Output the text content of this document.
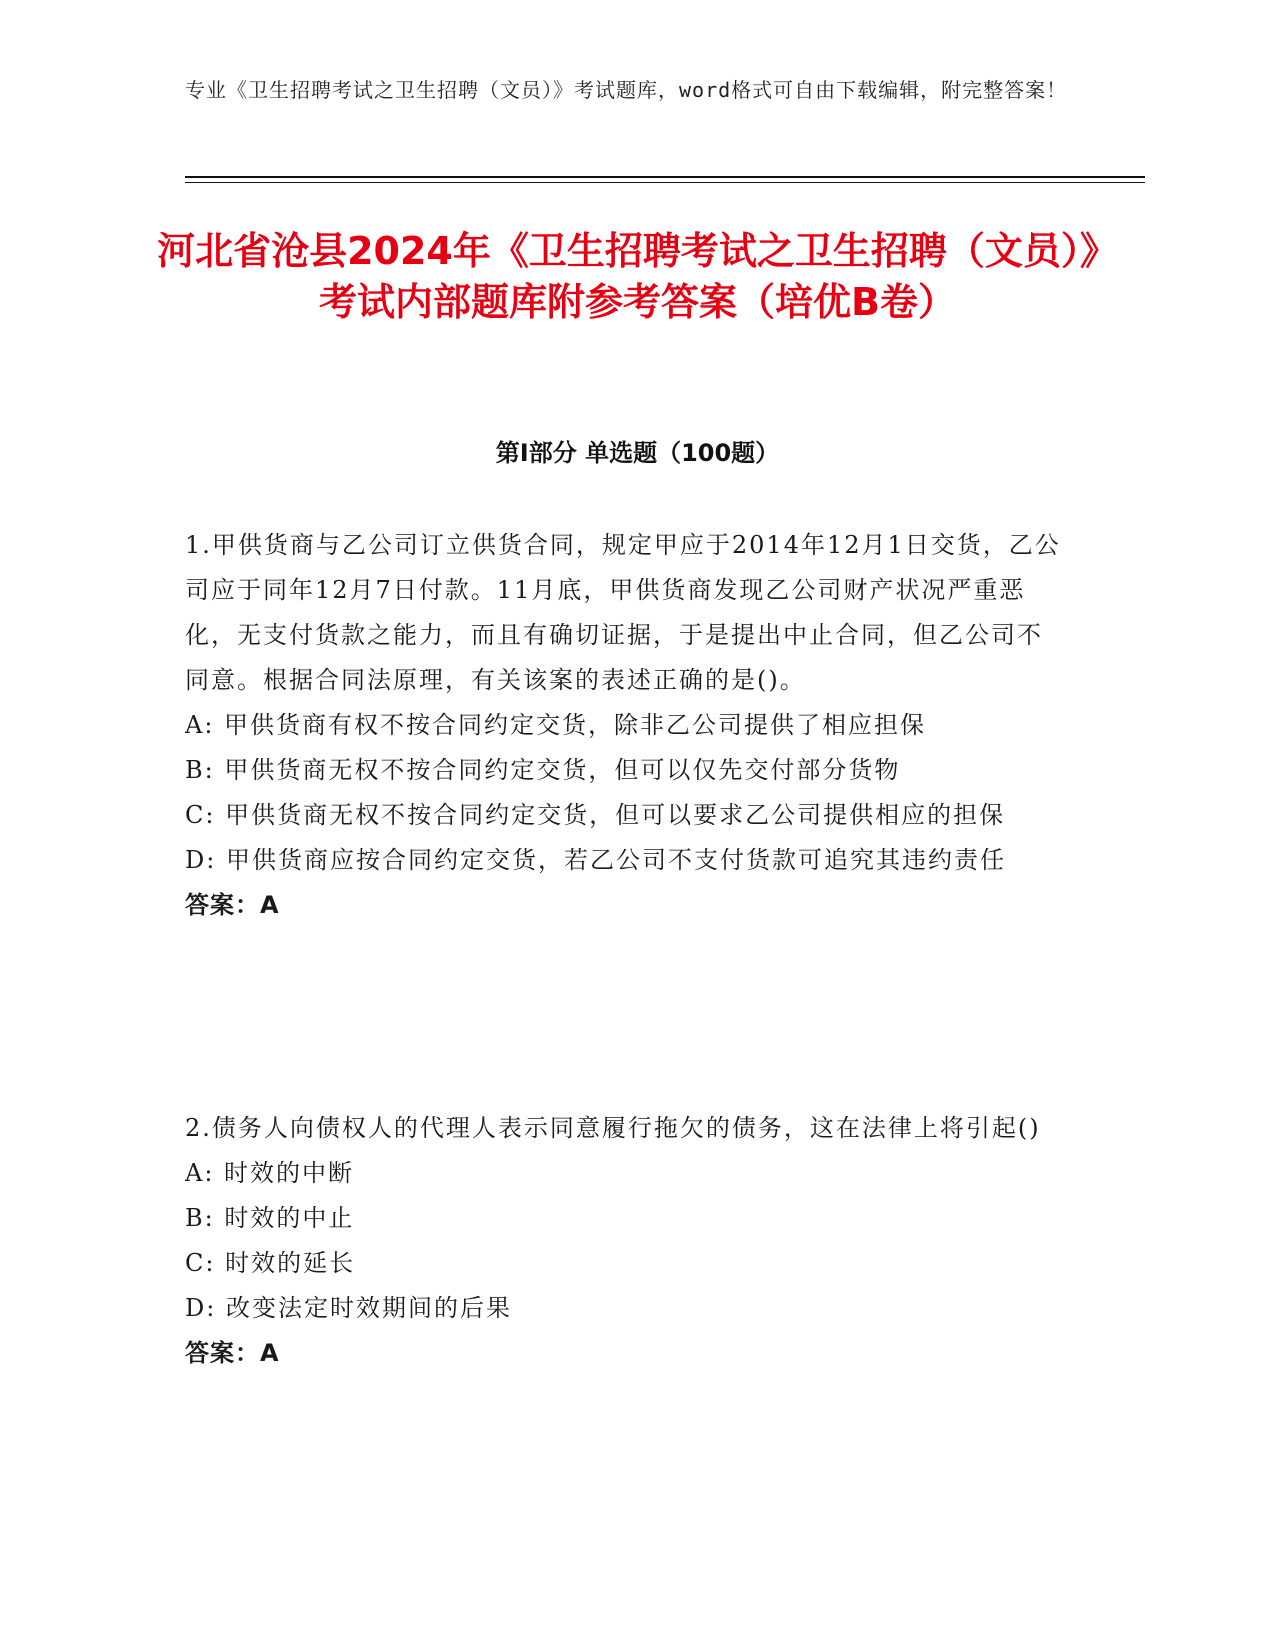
专业《卫生招聘考试之卫生招聘（文员）》考试题库，word格式可自由下载编辑，附完整答案！
河北省沧县2024年《卫生招聘考试之卫生招聘（文员）》考试内部题库附参考答案（培优B卷）
第Ⅰ部分 单选题（100题）

1.甲供货商与乙公司订立供货合同，规定甲应于2014年12月1日交货，乙公司应于同年12月7日付款。11月底，甲供货商发现乙公司财产状况严重恶化，无支付货款之能力，而且有确切证据，于是提出中止合同，但乙公司不同意。根据合同法原理，有关该案的表述正确的是()。

A: 甲供货商有权不按合同约定交货，除非乙公司提供了相应担保

B: 甲供货商无权不按合同约定交货，但可以仅先交付部分货物

C: 甲供货商无权不按合同约定交货，但可以要求乙公司提供相应的担保

D: 甲供货商应按合同约定交货，若乙公司不支付货款可追究其违约责任

答案：A

2.债务人向债权人的代理人表示同意履行拖欠的债务，这在法律上将引起()

A: 时效的中断

B: 时效的中止

C: 时效的延长

D: 改变法定时效期间的后果

答案：A
